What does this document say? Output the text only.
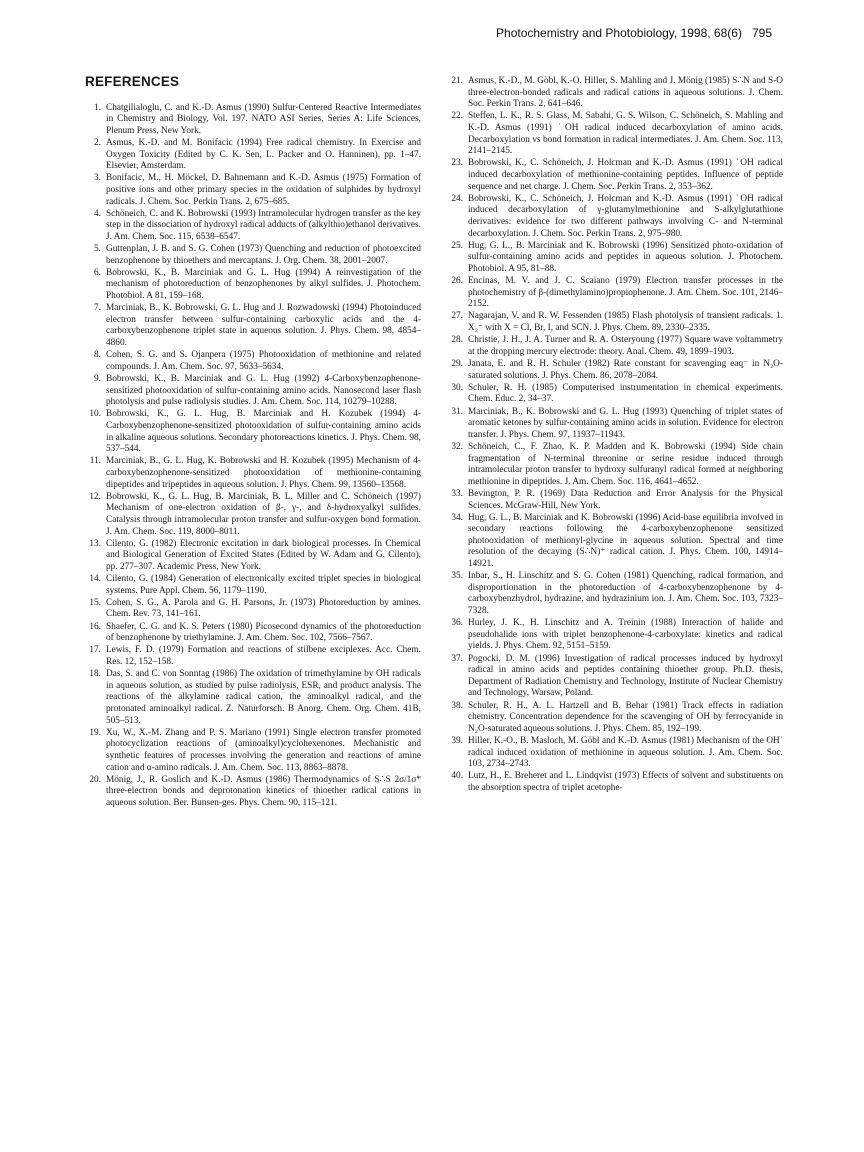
Photochemistry and Photobiology, 1998, 68(6) 795
REFERENCES
1. Chatgilialoglu, C. and K.-D. Asmus (1990) Sulfur-Centered Reactive Intermediates in Chemistry and Biology, Vol. 197. NATO ASI Series, Series A: Life Sciences, Plenum Press, New York.
2. Asmus, K.-D. and M. Bonifacic (1994) Free radical chemistry. In Exercise and Oxygen Toxicity (Edited by C. K. Sen, L. Packer and O. Hanninen), pp. 1–47. Elsevier, Amsterdam.
3. Bonifacic, M., H. Möckel, D. Bahnemann and K.-D. Asmus (1975) Formation of positive ions and other primary species in the oxidation of sulphides by hydroxyl radicals. J. Chem. Soc. Perkin Trans. 2, 675–685.
4. Schöneich, C. and K. Bobrowski (1993) Intramolecular hydrogen transfer as the key step in the dissociation of hydroxyl radical adducts of (alkylthio)ethanol derivatives. J. Am. Chem. Soc. 115, 6538–6547.
5. Guttenplan, J. B. and S. G. Cohen (1973) Quenching and reduction of photoexcited benzophenone by thioethers and mercaptans. J. Org. Chem. 38, 2001–2007.
6. Bobrowski, K., B. Marciniak and G. L. Hug (1994) A reinvestigation of the mechanism of photoreduction of benzophenones by alkyl sulfides. J. Photochem. Photobiol. A 81, 159–168.
7. Marciniak, B., K. Bobrowski, G. L. Hug and J. Rozwadowski (1994) Photoinduced electron transfer between sulfur-containing carboxylic acids and the 4-carboxybenzophenone triplet state in aqueous solution. J. Phys. Chem. 98, 4854–4860.
8. Cohen, S. G. and S. Ojanpera (1975) Photooxidation of methionine and related compounds. J. Am. Chem. Soc. 97, 5633–5634.
9. Bobrowski, K., B. Marciniak and G. L. Hug (1992) 4-Carboxybenzophenone-sensitized photooxidation of sulfur-containing amino acids. Nanosecond laser flash photolysis and pulse radiolysis studies. J. Am. Chem. Soc. 114, 10279–10288.
10. Bobrowski, K., G. L. Hug, B. Marciniak and H. Kozubek (1994) 4-Carboxybenzophenone-sensitized photooxidation of sulfur-containing amino acids in alkaline aqueous solutions. Secondary photoreactions kinetics. J. Phys. Chem. 98, 537–544.
11. Marciniak, B., G. L. Hug, K. Bobrowski and H. Kozubek (1995) Mechanism of 4-carboxybenzophenone-sensitized photooxidation of methionine-containing dipeptides and tripeptides in aqueous solution. J. Phys. Chem. 99, 13560–13568.
12. Bobrowski, K., G. L. Hug, B. Marciniak, B. L. Miller and C. Schöneich (1997) Mechanism of one-electron oxidation of β-, γ-, and δ-hydroxyalkyl sulfides. Catalysis through intramolecular proton transfer and sulfur-oxygen bond formation. J. Am. Chem. Soc. 119, 8000–8011.
13. Cilento, G. (1982) Electronic excitation in dark biological processes. In Chemical and Biological Generation of Excited States (Edited by W. Adam and G. Cilento), pp. 277–307. Academic Press, New York.
14. Cilento, G. (1984) Generation of electronically excited triplet species in biological systems. Pure Appl. Chem. 56, 1179–1190.
15. Cohen, S. G., A. Parola and G. H. Parsons, Jr. (1973) Photoreduction by amines. Chem. Rev. 73, 141–161.
16. Shaefer, C. G. and K. S. Peters (1980) Picosecond dynamics of the photoreduction of benzophenone by triethylamine. J. Am. Chem. Soc. 102, 7566–7567.
17. Lewis, F. D. (1979) Formation and reactions of stilbene exciplexes. Acc. Chem. Res. 12, 152–158.
18. Das, S. and C. von Sonntag (1986) The oxidation of trimethylamine by OH radicals in aqueous solution, as studied by pulse radiolysis, ESR, and product analysis. The reactions of the alkylamine radical cation, the aminoalkyl radical, and the protonated aminoalkyl radical. Z. Naturforsch. B Anorg. Chem. Org. Chem. 41B, 505–513.
19. Xu, W., X.-M. Zhang and P. S. Mariano (1991) Single electron transfer promoted photocyclization reactions of (aminoalkyl)cyclohexenones. Mechanistic and synthetic features of processes involving the generation and reactions of amine cation and α-amino radicals. J. Am. Chem. Soc. 113, 8863–8878.
20. Mönig, J., R. Goslich and K.-D. Asmus (1986) Thermodynamics of S∴S 2σ/1σ* three-electron bonds and deprotonation kinetics of thioether radical cations in aqueous solution. Ber. Bunsen-ges. Phys. Chem. 90, 115–121.
21. Asmus, K.-D., M. Göbl, K.-O. Hiller, S. Mahling and J. Mönig (1985) S∴N and S-O three-electron-bonded radicals and radical cations in aqueous solutions. J. Chem. Soc. Perkin Trans. 2, 641–646.
22. Steffen, L. K., R. S. Glass, M. Sabahi, G. S. Wilson, C. Schöneich, S. Mahling and K.-D. Asmus (1991) ˙OH radical induced decarboxylation of amino acids. Decarboxylation vs bond formation in radical intermediates. J. Am. Chem. Soc. 113, 2141–2145.
23. Bobrowski, K., C. Schöneich, J. Holcman and K.-D. Asmus (1991) ˙OH radical induced decarboxylation of methionine-containing peptides. Influence of peptide sequence and net charge. J. Chem. Soc. Perkin Trans. 2, 353–362.
24. Bobrowski, K., C. Schöneich, J. Holcman and K.-D. Asmus (1991) ˙OH radical induced decarboxylation of γ-glutamylmethionine and S-alkylglutathione derivatives: evidence for two different pathways involving C- and N-terminal decarboxylation. J. Chem. Soc. Perkin Trans. 2, 975–980.
25. Hug, G. L., B. Marciniak and K. Bobrowski (1996) Sensitized photo-oxidation of sulfur-containing amino acids and peptides in aqueous solution. J. Photochem. Photobiol. A 95, 81–88.
26. Encinas, M. V. and J. C. Scaiano (1979) Electron transfer processes in the photochemistry of β-(dimethylamino)propiophenone. J. Am. Chem. Soc. 101, 2146–2152.
27. Nagarajan, V. and R. W. Fessenden (1985) Flash photolysis of transient radicals. 1. X₂⁻ with X = Cl, Br, I, and SCN. J. Phys. Chem. 89, 2330–2335.
28. Christie, J. H., J. A. Turner and R. A. Osteryoung (1977) Square wave voltammetry at the dropping mercury electrode: theory. Anal. Chem. 49, 1899–1903.
29. Janata, E. and R. H. Schuler (1982) Rate constant for scavenging eaq⁻ in N₂O-saturated solutions. J. Phys. Chem. 86, 2078–2084.
30. Schuler, R. H. (1985) Computerised instrumentation in chemical experiments. Chem. Educ. 2, 34–37.
31. Marciniak, B., K. Bobrowski and G. L. Hug (1993) Quenching of triplet states of aromatic ketones by sulfur-containing amino acids in solution. Evidence for electron transfer. J. Phys. Chem. 97, 11937–11943.
32. Schöneich, C., F. Zhao, K. P. Madden and K. Bobrowski (1994) Side chain fragmentation of N-terminal threonine or serine residue induced through intramolecular proton transfer to hydroxy sulfuranyl radical formed at neighboring methionine in dipeptides. J. Am. Chem. Soc. 116, 4641–4652.
33. Bevington, P. R. (1969) Data Reduction and Error Analysis for the Physical Sciences. McGraw-Hill, New York.
34. Hug, G. L., B. Marciniak and K. Bobrowski (1996) Acid-base equilibria involved in secondary reactions following the 4-carboxybenzophenone sensitized photooxidation of methionyl-glycine in aqueous solution. Spectral and time resolution of the decaying (S∴N)⁺ radical cation. J. Phys. Chem. 100, 14914–14921.
35. Inbar, S., H. Linschitz and S. G. Cohen (1981) Quenching, radical formation, and disproportionation in the photoreduction of 4-carboxybenzophenone by 4-carboxybenzhydrol, hydrazine, and hydrazinium ion. J. Am. Chem. Soc. 103, 7323–7328.
36. Hurley, J. K., H. Linschitz and A. Treinin (1988) Interaction of halide and pseudohalide ions with triplet benzophenone-4-carboxylate: kinetics and radical yields. J. Phys. Chem. 92, 5151–5159.
37. Pogocki, D. M. (1996) Investigation of radical processes induced by hydroxyl radical in amino acids and peptides containing thioether group. Ph.D. thesis, Department of Radiation Chemistry and Technology, Institute of Nuclear Chemistry and Technology, Warsaw, Poland.
38. Schuler, R. H., A. L. Hartzell and B. Behar (1981) Track effects in radiation chemistry. Concentration dependence for the scavenging of OH by ferrocyanide in N₂O-saturated aqueous solutions. J. Phys. Chem. 85, 192–199.
39. Hiller, K.-O., B. Masloch, M. Göbl and K.-D. Asmus (1981) Mechanism of the OH˙ radical induced oxidation of methionine in aqueous solution. J. Am. Chem. Soc. 103, 2734–2743.
40. Lutz, H., E. Breheret and L. Lindqvist (1973) Effects of solvent and substituents on the absorption spectra of triplet acetophe-
